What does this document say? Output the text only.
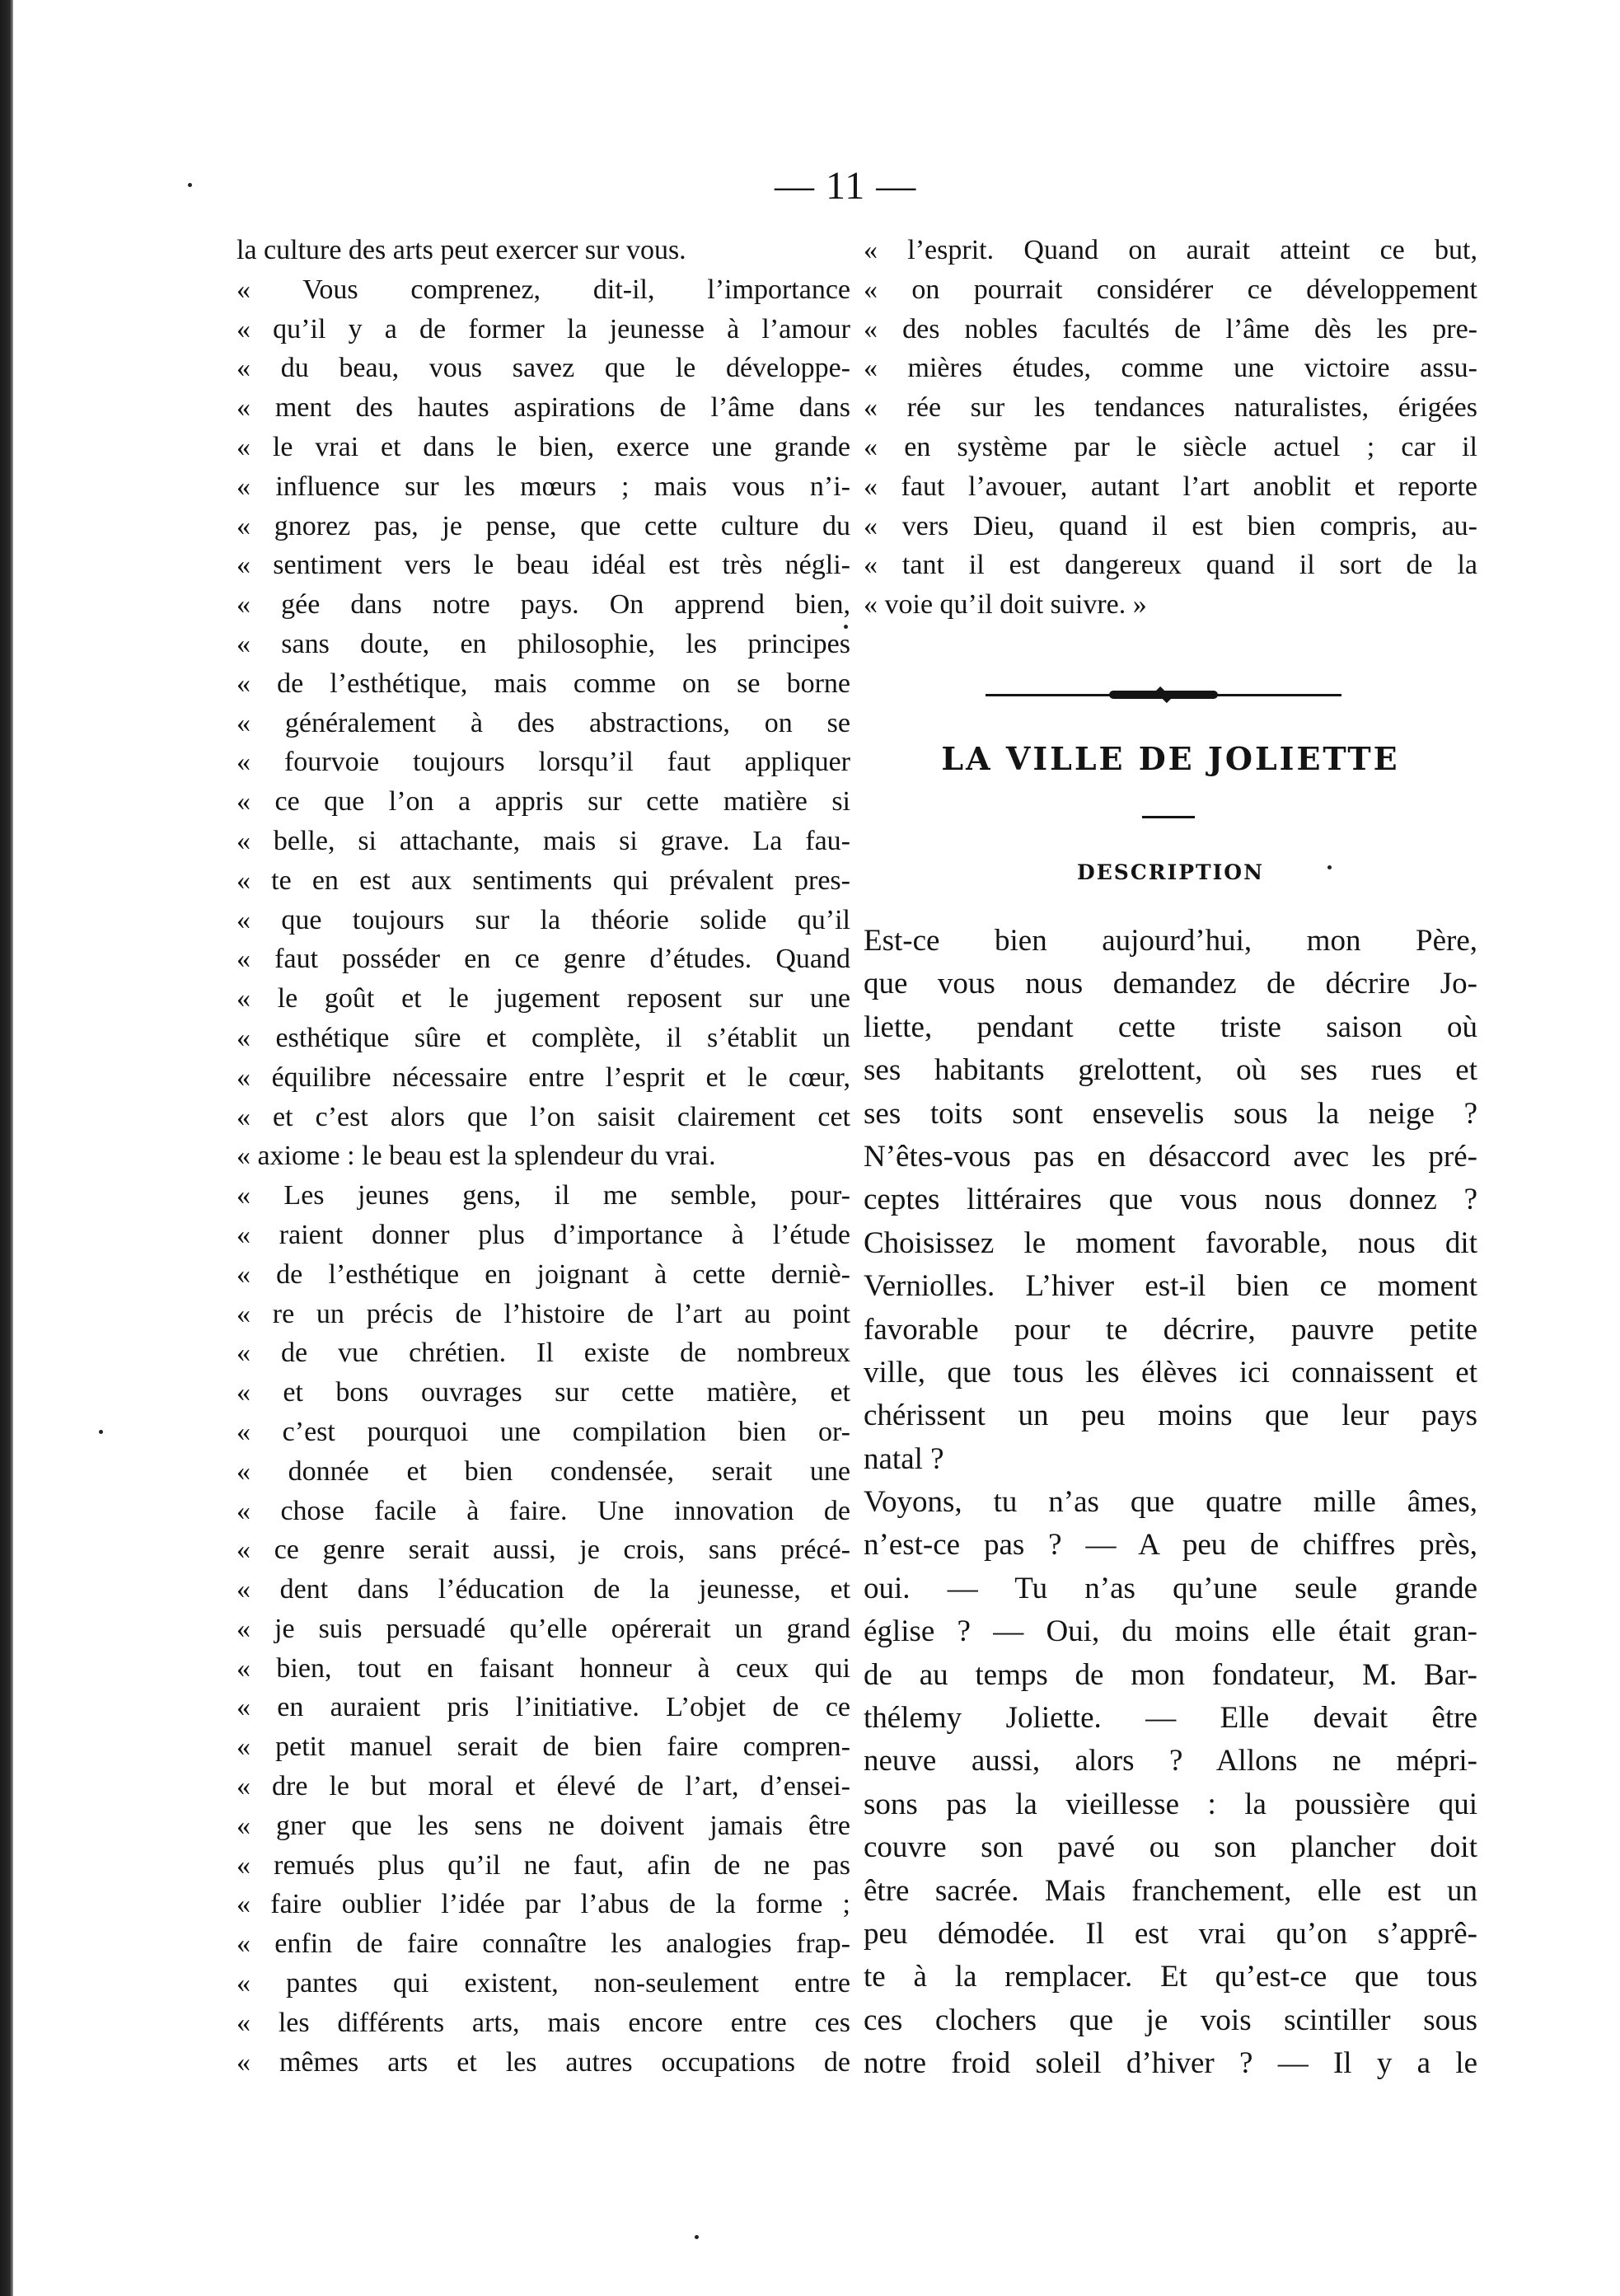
— 11 —
la culture des arts peut exercer sur vous.
« Vous comprenez, dit-il, l’importance
« qu’il y a de former la jeunesse à l’amour
« du beau, vous savez que le développe-
« ment des hautes aspirations de l’âme dans
« le vrai et dans le bien, exerce une grande
« influence sur les mœurs ; mais vous n’i-
« gnorez pas, je pense, que cette culture du
« sentiment vers le beau idéal est très négli-
« gée dans notre pays. On apprend bien,
« sans doute, en philosophie, les principes
« de l’esthétique, mais comme on se borne
« généralement à des abstractions, on se
« fourvoie toujours lorsqu’il faut appliquer
« ce que l’on a appris sur cette matière si
« belle, si attachante, mais si grave. La fau-
« te en est aux sentiments qui prévalent pres-
« que toujours sur la théorie solide qu’il
« faut posséder en ce genre d’études. Quand
« le goût et le jugement reposent sur une
« esthétique sûre et complète, il s’établit un
« équilibre nécessaire entre l’esprit et le cœur,
« et c’est alors que l’on saisit clairement cet
« axiome : le beau est la splendeur du vrai.
« Les jeunes gens, il me semble, pour-
« raient donner plus d’importance à l’étude
« de l’esthétique en joignant à cette derniè-
« re un précis de l’histoire de l’art au point
« de vue chrétien. Il existe de nombreux
« et bons ouvrages sur cette matière, et
« c’est pourquoi une compilation bien or-
« donnée et bien condensée, serait une
« chose facile à faire. Une innovation de
« ce genre serait aussi, je crois, sans précé-
« dent dans l’éducation de la jeunesse, et
« je suis persuadé qu’elle opérerait un grand
« bien, tout en faisant honneur à ceux qui
« en auraient pris l’initiative. L’objet de ce
« petit manuel serait de bien faire compren-
« dre le but moral et élevé de l’art, d’ensei-
« gner que les sens ne doivent jamais être
« remués plus qu’il ne faut, afin de ne pas
« faire oublier l’idée par l’abus de la forme ;
« enfin de faire connaître les analogies frap-
« pantes qui existent, non-seulement entre
« les différents arts, mais encore entre ces
« mêmes arts et les autres occupations de
« l’esprit. Quand on aurait atteint ce but,
« on pourrait considérer ce développement
« des nobles facultés de l’âme dès les pre-
« mières études, comme une victoire assu-
« rée sur les tendances naturalistes, érigées
« en système par le siècle actuel ; car il
« faut l’avouer, autant l’art anoblit et reporte
« vers Dieu, quand il est bien compris, au-
« tant il est dangereux quand il sort de la
« voie qu’il doit suivre. »
LA VILLE DE JOLIETTE
DESCRIPTION
Est-ce bien aujourd’hui, mon Père,
que vous nous demandez de décrire Jo-
liette, pendant cette triste saison où
ses habitants grelottent, où ses rues et
ses toits sont ensevelis sous la neige ?
N’êtes-vous pas en désaccord avec les pré-
ceptes littéraires que vous nous donnez ?
Choisissez le moment favorable, nous dit
Verniolles. L’hiver est-il bien ce moment
favorable pour te décrire, pauvre petite
ville, que tous les élèves ici connaissent et
chérissent un peu moins que leur pays
natal ?
Voyons, tu n’as que quatre mille âmes,
n’est-ce pas ? — A peu de chiffres près,
oui. — Tu n’as qu’une seule grande
église ? — Oui, du moins elle était gran-
de au temps de mon fondateur, M. Bar-
thélemy Joliette. — Elle devait être
neuve aussi, alors ? Allons ne mépri-
sons pas la vieillesse : la poussière qui
couvre son pavé ou son plancher doit
être sacrée. Mais franchement, elle est un
peu démodée. Il est vrai qu’on s’apprê-
te à la remplacer. Et qu’est-ce que tous
ces clochers que je vois scintiller sous
notre froid soleil d’hiver ? — Il y a le
